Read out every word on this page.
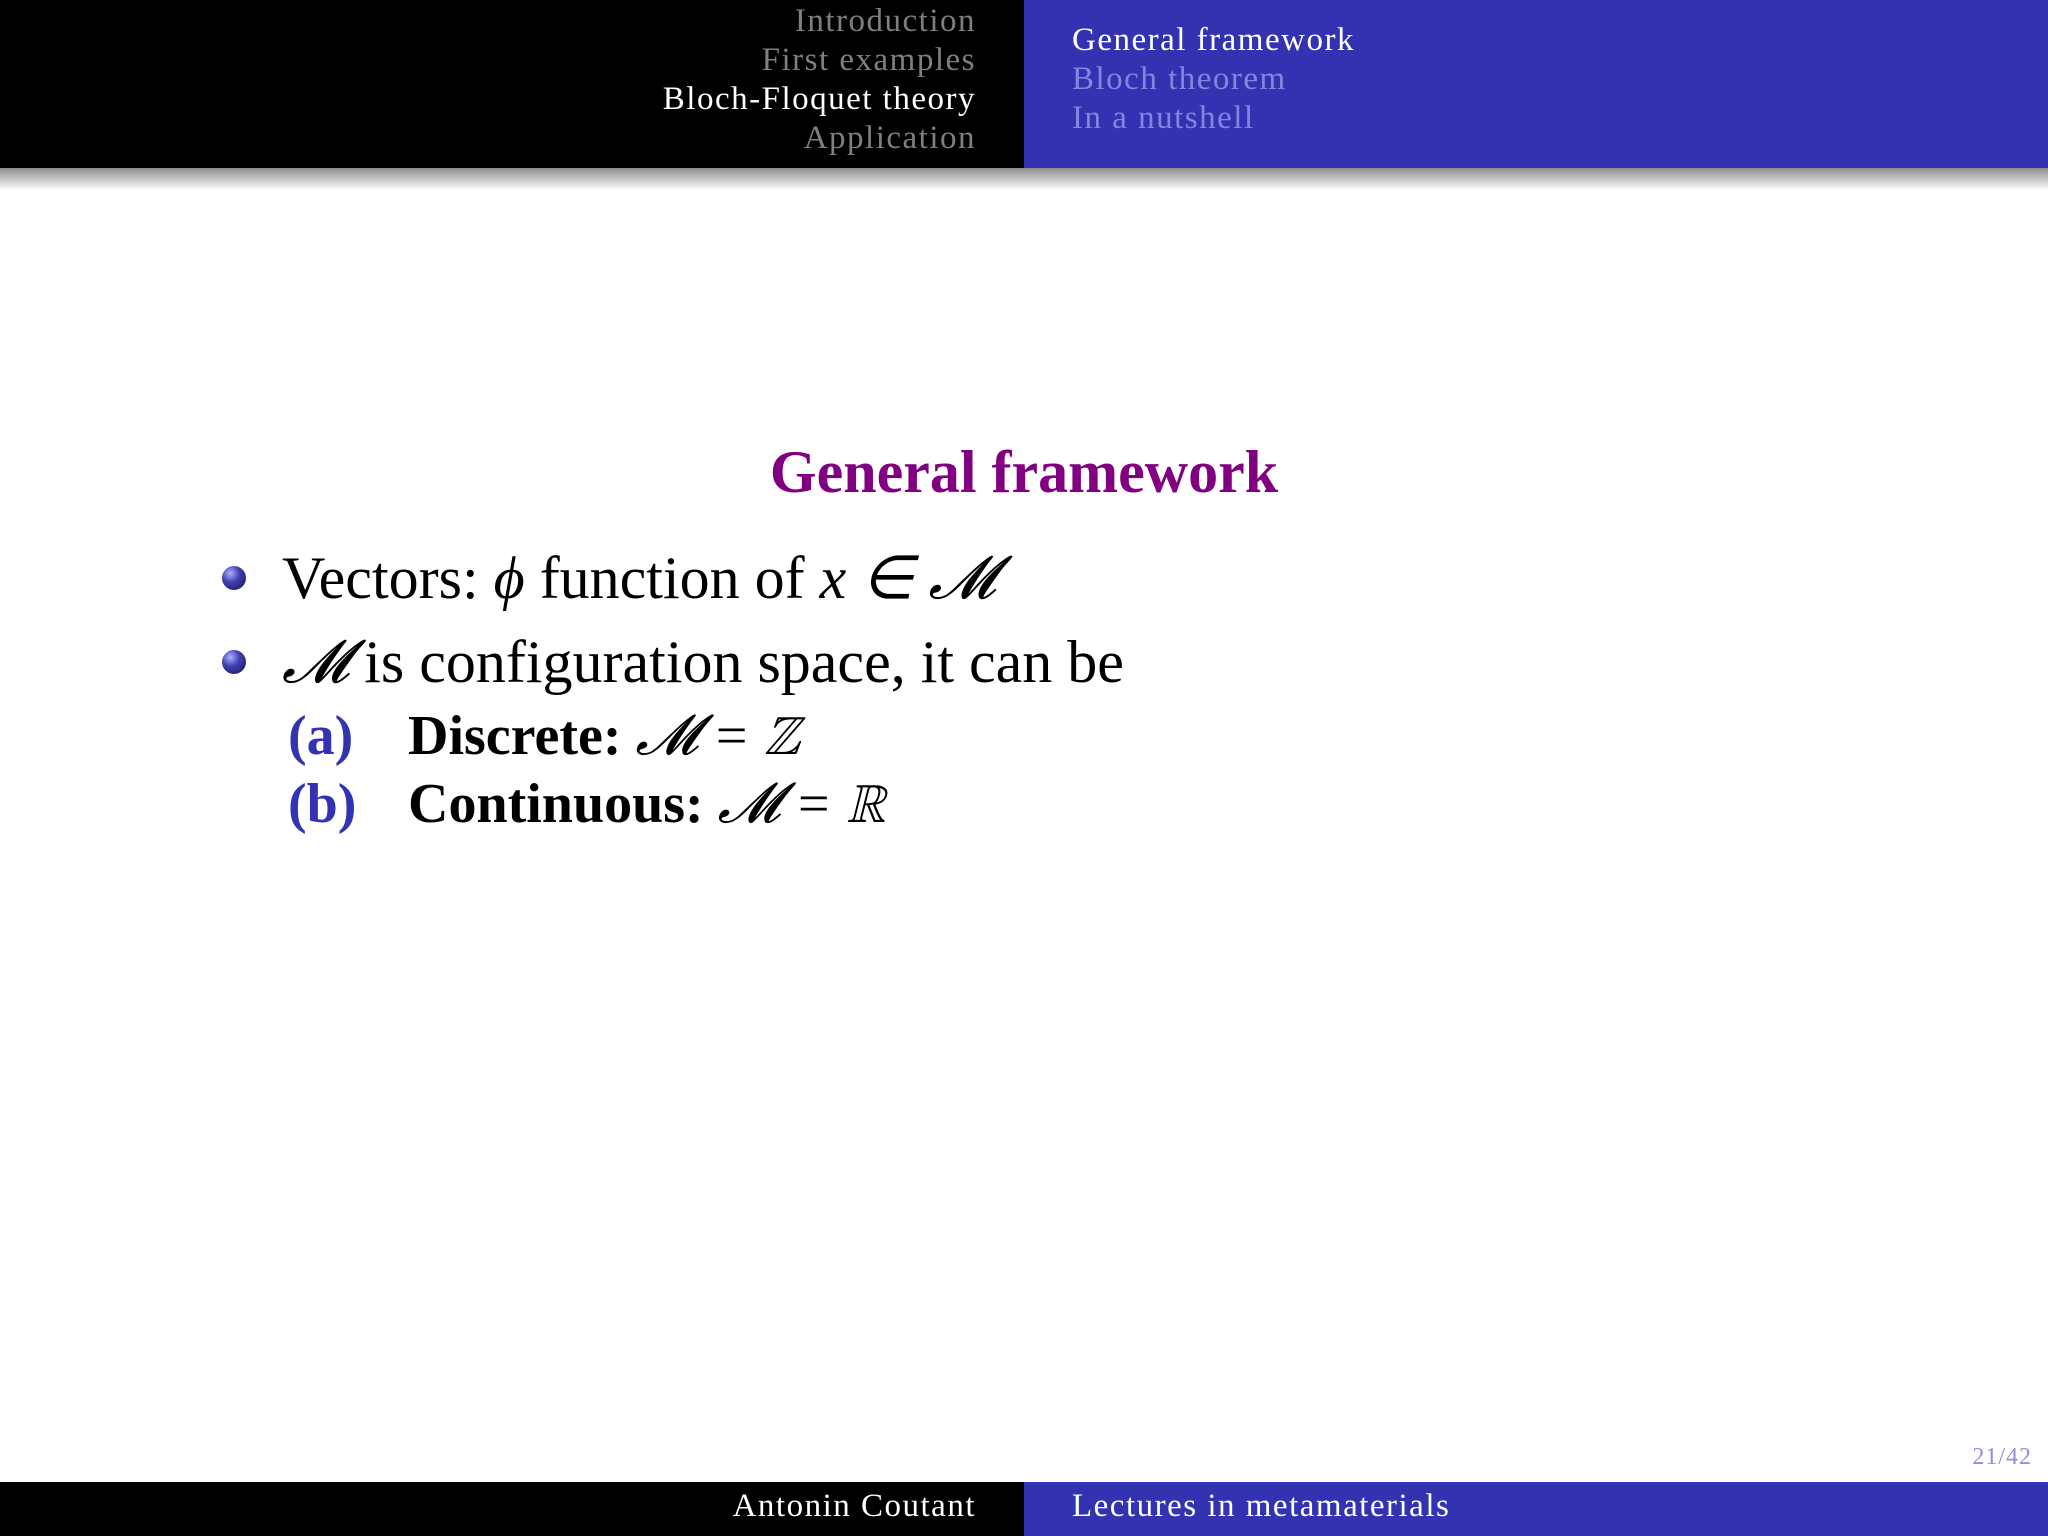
Introduction
First examples
Bloch-Floquet theory
Application
General framework
Bloch theorem
In a nutshell
General framework
Vectors: ϕ function of x ∈ 𝓜
𝓜 is configuration space, it can be
(a) Discrete: 𝓜 = ℤ
(b) Continuous: 𝓜 = ℝ
21/42
Antonin Coutant	Lectures in metamaterials
